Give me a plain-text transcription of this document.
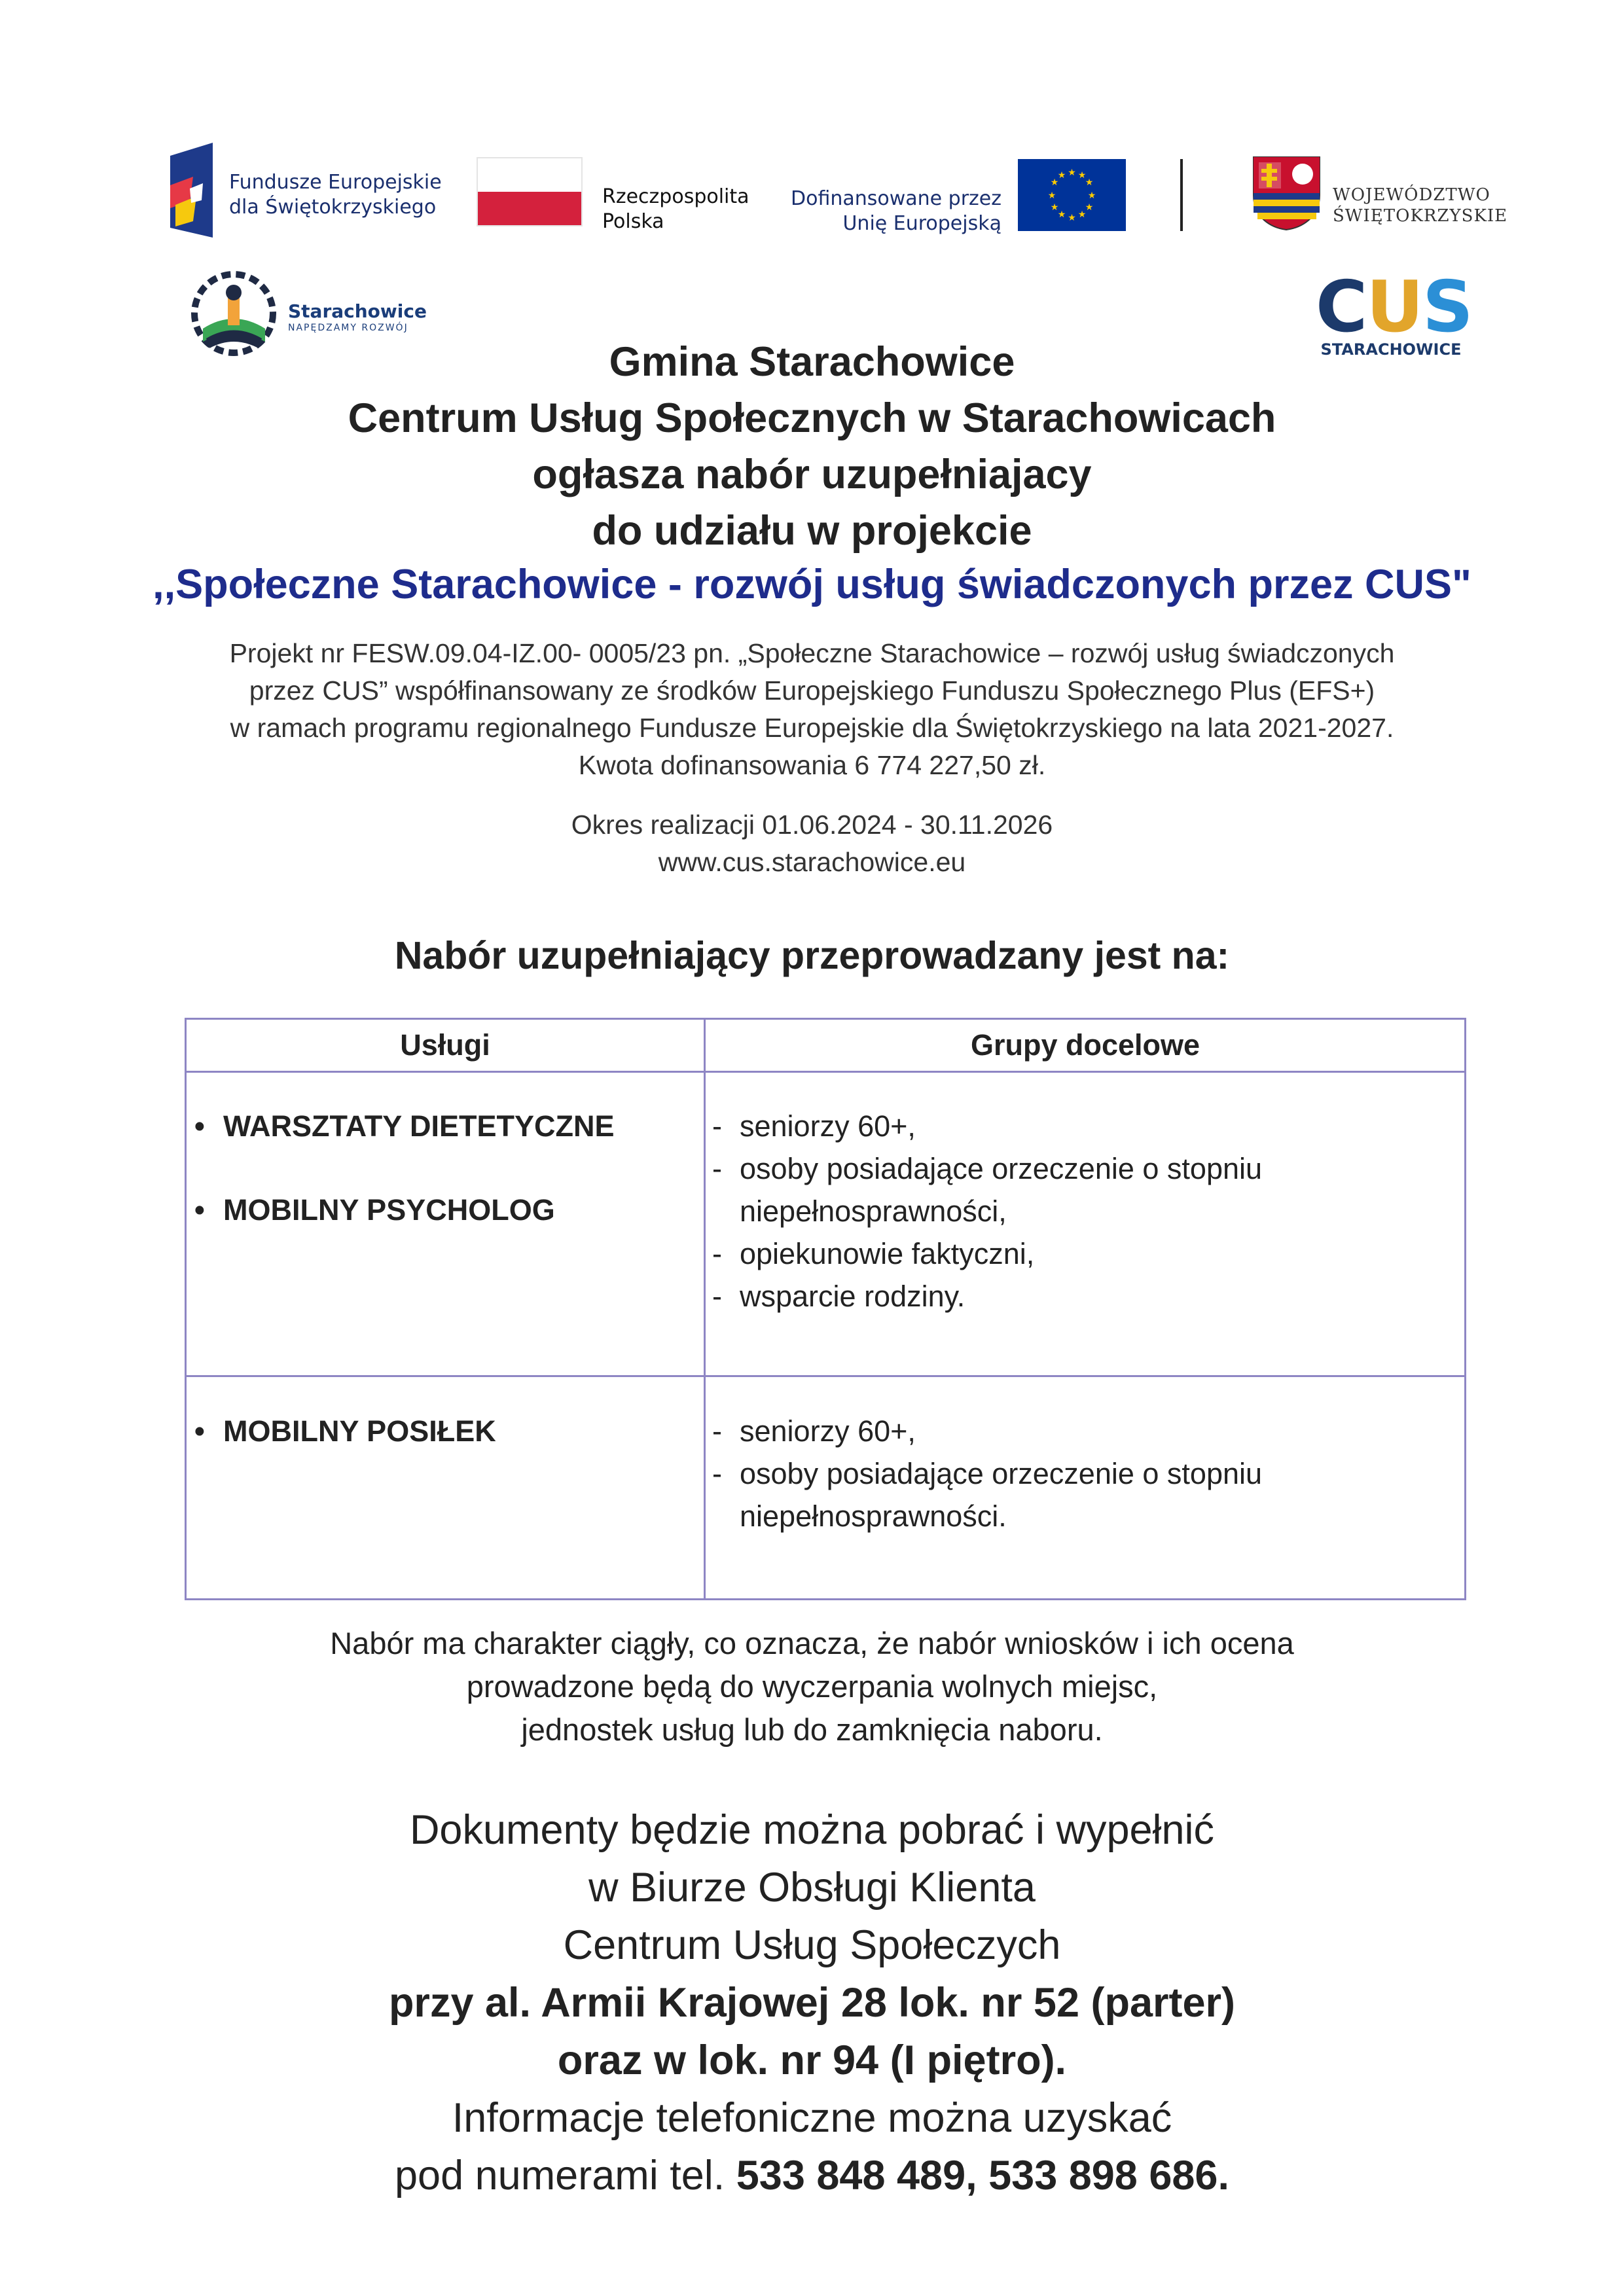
Fundusze Europejskie
dla Świętokrzyskiego	Rzeczpospolita
Polska
Dofinansowane przez
Unię Europejską
★ ★
★
★
★
★
★
★
★
★
★
★
WOJEWÓDZTWO
ŚWIĘTOKRZYSKIE
Starachowice
NAPĘDZAMY ROZWÓJ	CUS
STARACHOWICE
Gmina Starachowice
Centrum Usług Społecznych w Starachowicach
ogłasza nabór uzupełniajacy
do udziału w projekcie
,,Społeczne Starachowice - rozwój usług świadczonych przez CUS"
Projekt nr FESW.09.04-IZ.00- 0005/23 pn. „Społeczne Starachowice – rozwój usług świadczonych
przez CUS” współfinansowany ze środków Europejskiego Funduszu Społecznego Plus (EFS+)
w ramach programu regionalnego Fundusze Europejskie dla Świętokrzyskiego na lata 2021-2027.
Kwota dofinansowania 6 774 227,50 zł.
Okres realizacji 01.06.2024 - 30.11.2026
www.cus.starachowice.eu
Nabór uzupełniający przeprowadzany jest na:
Usługi	Grupy docelowe
• WARSZTATY DIETETYCZNE
• MOBILNY PSYCHOLOG
- seniorzy 60+,
- osoby posiadające orzeczenie o stopniu niepełnosprawności,
- opiekunowie faktyczni,
- wsparcie rodziny.
• MOBILNY POSIŁEK
-	seniorzy 60+,
- osoby posiadające orzeczenie o stopniu niepełnosprawności.
Nabór ma charakter ciągły, co oznacza, że nabór wniosków i ich ocena
prowadzone będą do wyczerpania wolnych miejsc,
jednostek usług lub do zamknięcia naboru.
Dokumenty będzie można pobrać i wypełnić
w Biurze Obsługi Klienta
Centrum Usług Społeczych
przy al. Armii Krajowej 28 lok. nr 52 (parter)
oraz w lok. nr 94 (I piętro).
Informacje telefoniczne można uzyskać
pod numerami tel. 533 848 489, 533 898 686.
